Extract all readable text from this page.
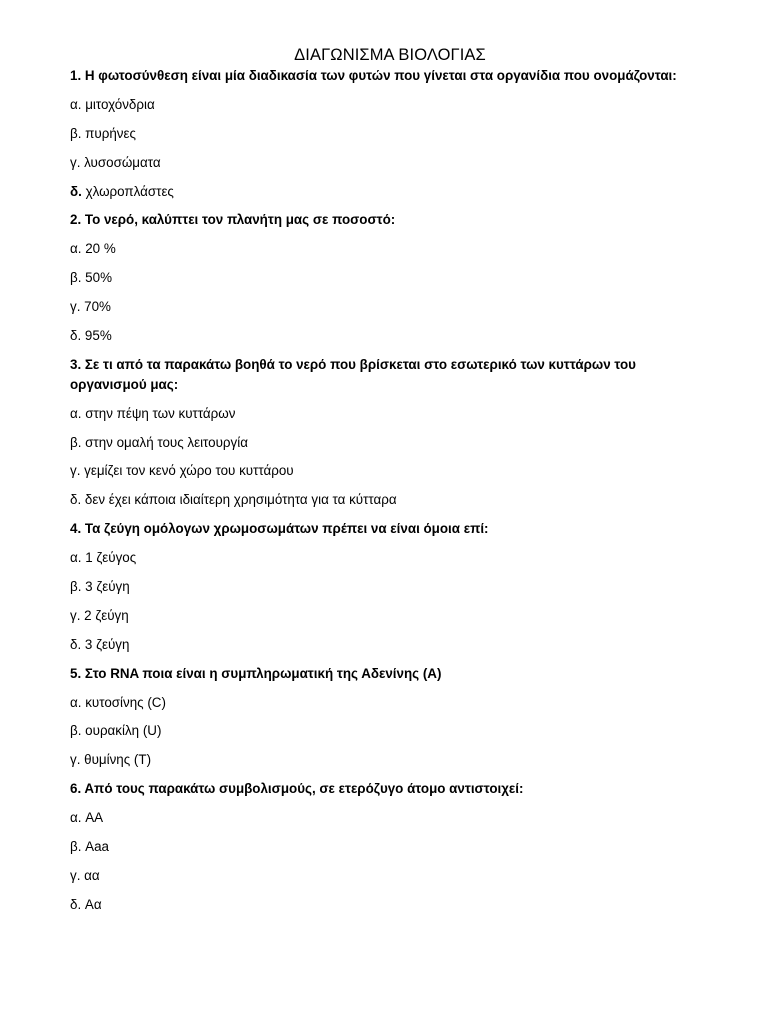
ΔΙΑΓΩΝΙΣΜΑ ΒΙΟΛΟΓΙΑΣ
1. Η φωτοσύνθεση είναι μία διαδικασία των φυτών που γίνεται στα οργανίδια που ονομάζονται:
α. μιτοχόνδρια
β. πυρήνες
γ. λυσοσώματα
δ. χλωροπλάστες
2. Το νερό, καλύπτει τον πλανήτη μας σε ποσοστό:
α. 20 %
β. 50%
γ. 70%
δ. 95%
3. Σε τι από τα παρακάτω βοηθά το νερό που βρίσκεται στο εσωτερικό των κυττάρων του οργανισμού μας:
α. στην πέψη των κυττάρων
β. στην ομαλή τους λειτουργία
γ. γεμίζει τον κενό χώρο του κυττάρου
δ. δεν έχει κάποια ιδιαίτερη χρησιμότητα για τα κύτταρα
4. Τα ζεύγη ομόλογων χρωμοσωμάτων πρέπει να είναι όμοια επί:
α. 1 ζεύγος
β. 3 ζεύγη
γ. 2 ζεύγη
δ. 3 ζεύγη
5. Στο RNA ποια είναι η συμπληρωματική της Αδενίνης (A)
α. κυτοσίνης (C)
β. ουρακίλη (U)
γ. θυμίνης (T)
6. Από τους παρακάτω συμβολισμούς, σε ετερόζυγο άτομο αντιστοιχεί:
α. AA
β. Aaa
γ. αα
δ. Aα
